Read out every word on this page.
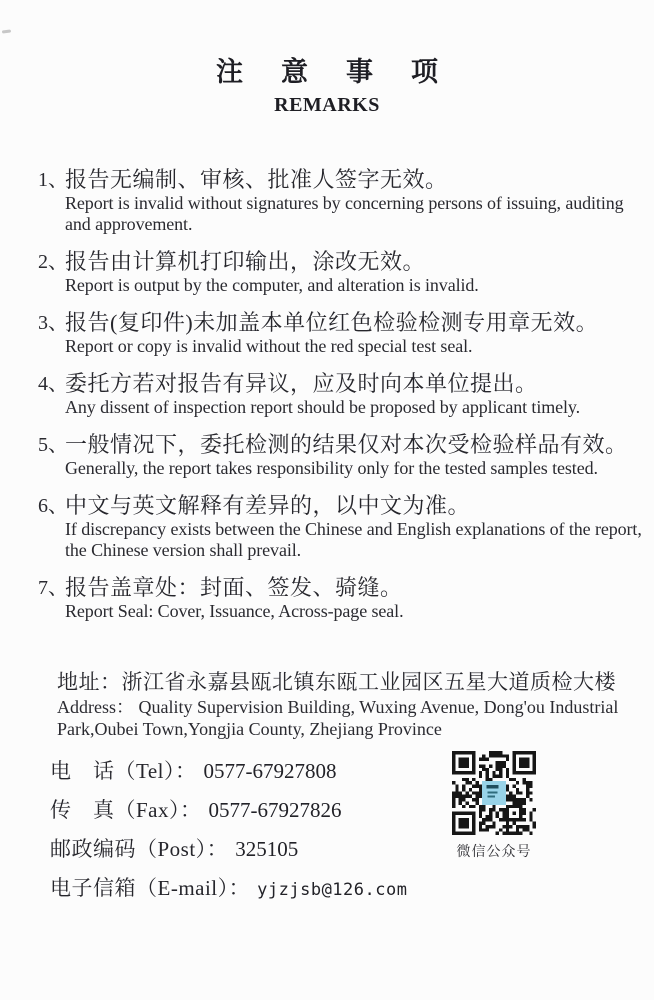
注意事项
REMARKS
1、

报告无编制、审核、批准人签字无效。

Report is invalid without signatures by concerning persons of issuing, auditing and approvement.

2、

报告由计算机打印输出，涂改无效。

Report is output by the computer, and alteration is invalid.

3、

报告(复印件)未加盖本单位红色检验检测专用章无效。

Report or copy is invalid without the red special test seal.

4、

委托方若对报告有异议，应及时向本单位提出。

Any dissent of inspection report should be proposed by applicant timely.

5、

一般情况下，委托检测的结果仅对本次受检验样品有效。

Generally, the report takes responsibility only for the tested samples tested.

6、

中文与英文解释有差异的，以中文为准。

If discrepancy exists between the Chinese and English explanations of the report, the Chinese version shall prevail.

7、

报告盖章处：封面、签发、骑缝。

Report Seal: Cover, Issuance, Across-page seal.

地址：浙江省永嘉县瓯北镇东瓯工业园区五星大道质检大楼

Address： Quality Supervision Building, Wuxing Avenue, Dong'ou Industrial Park,Oubei Town,Yongjia County, Zhejiang Province

电　话（Tel）： 0577-67927808

传　真（Fax）： 0577-67927826

邮政编码（Post）： 325105

电子信箱（E-mail）： yjzjsb@126.com

微信公众号
